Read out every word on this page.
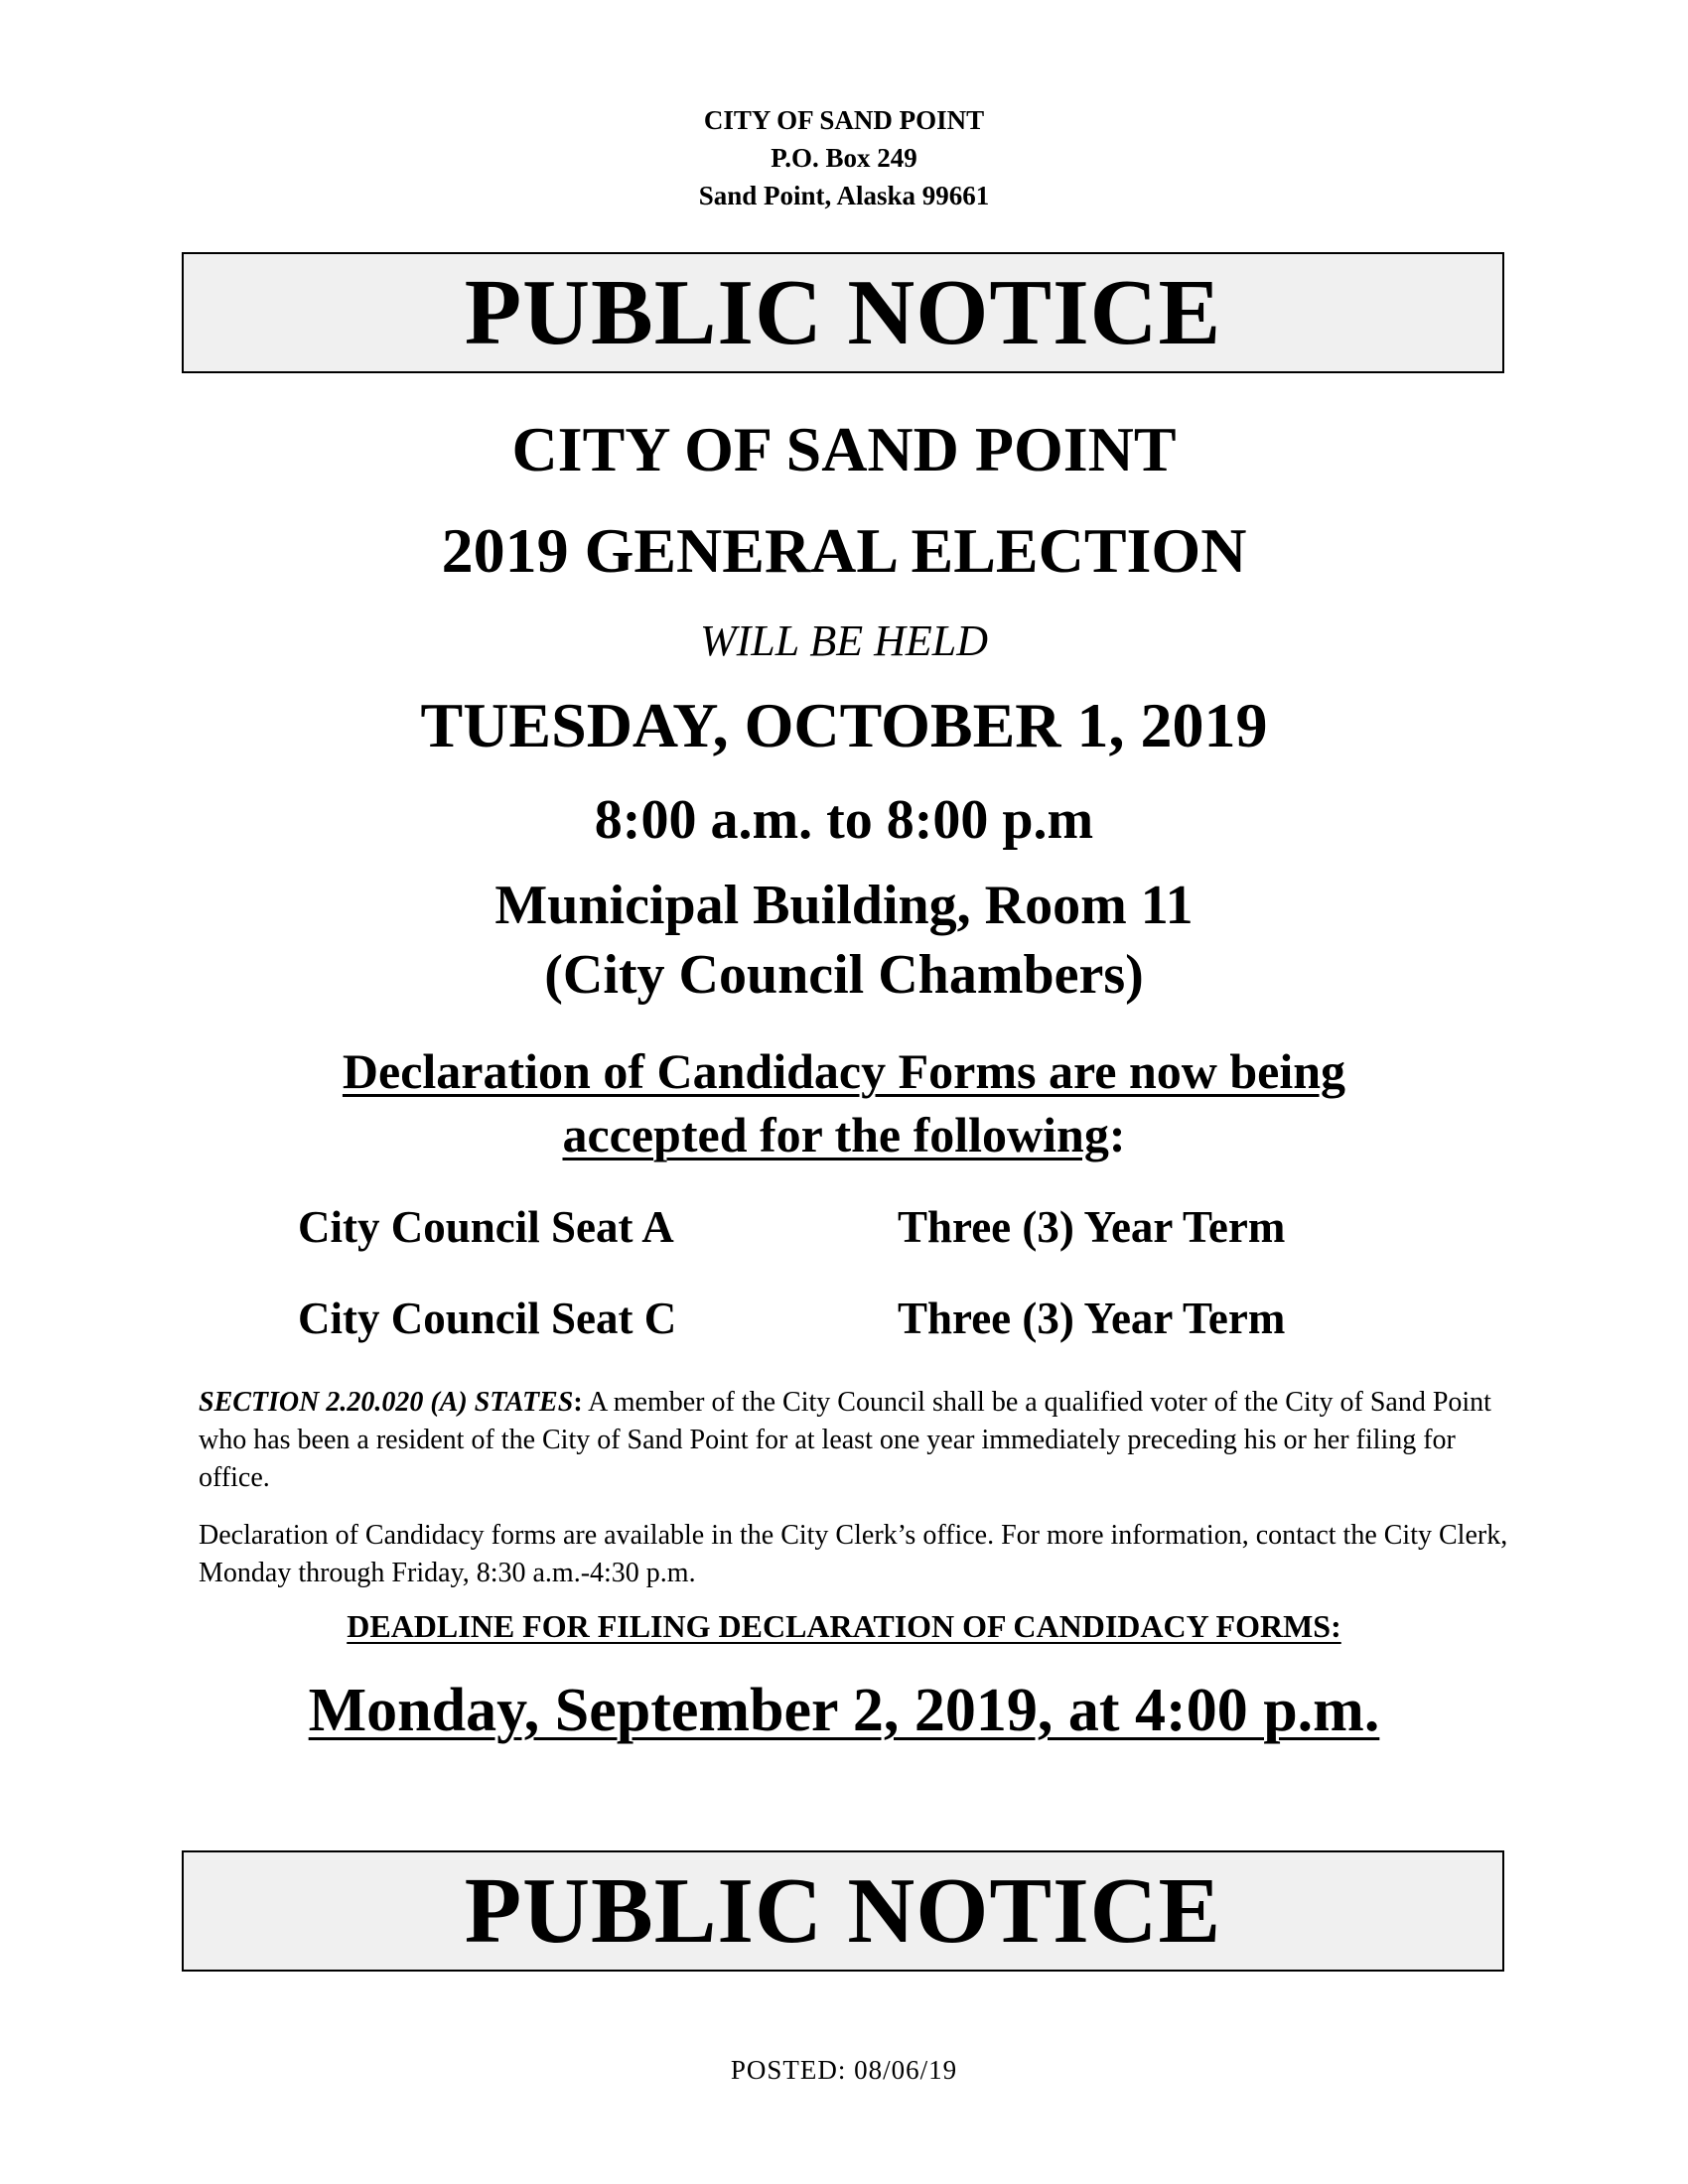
CITY OF SAND POINT
P.O. Box 249
Sand Point, Alaska 99661
PUBLIC NOTICE
CITY OF SAND POINT
2019 GENERAL ELECTION
WILL BE HELD
TUESDAY, OCTOBER 1, 2019
8:00 a.m. to 8:00 p.m
Municipal Building, Room 11
(City Council Chambers)
Declaration of Candidacy Forms are now being
accepted for the following:
City Council Seat A	Three (3) Year Term
City Council Seat C	Three (3) Year Term
SECTION 2.20.020 (A) STATES: A member of the City Council shall be a qualified voter of the City of Sand Point who has been a resident of the City of Sand Point for at least one year immediately preceding his or her filing for office.
Declaration of Candidacy forms are available in the City Clerk’s office. For more information, contact the City Clerk, Monday through Friday, 8:30 a.m.-4:30 p.m.
DEADLINE FOR FILING DECLARATION OF CANDIDACY FORMS:
Monday, September 2, 2019, at 4:00 p.m.
PUBLIC NOTICE
POSTED: 08/06/19
